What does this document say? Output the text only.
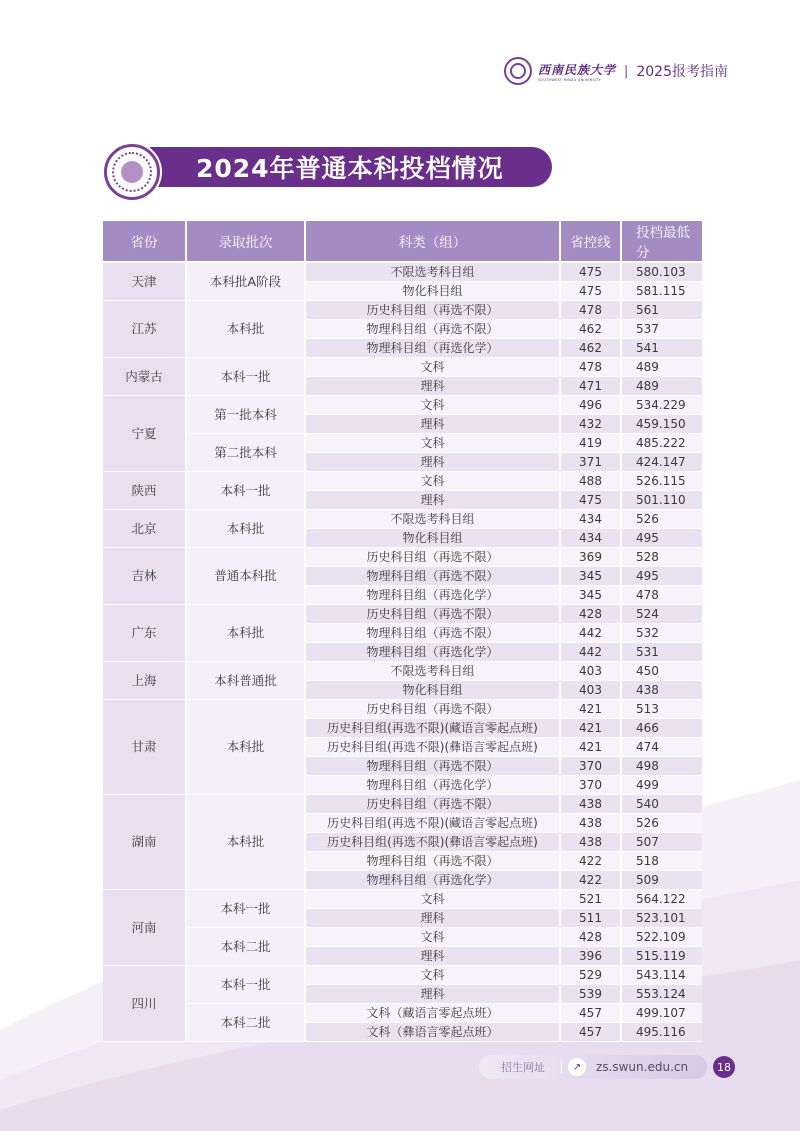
西南民族大学
SOUTHWEST MINZU UNIVERSITY
| 2025报考指南
2024年普通本科投档情况
省份	录取批次	科类（组）	省控线	投档最低分
天津	本科批A阶段	不限选考科目组	475	580.103
		物化科目组	475	581.115
江苏	本科批	历史科目组（再选不限）	478	561
		物理科目组（再选不限）	462	537
		物理科目组（再选化学）	462	541
内蒙古	本科一批	文科	478	489
		理科	471	489
宁夏	第一批本科	文科	496	534.229
		理科	432	459.150
	第二批本科	文科	419	485.222
		理科	371	424.147
陕西	本科一批	文科	488	526.115
		理科	475	501.110
北京	本科批	不限选考科目组	434	526
		物化科目组	434	495
吉林	普通本科批	历史科目组（再选不限）	369	528
		物理科目组（再选不限）	345	495
		物理科目组（再选化学）	345	478
广东	本科批	历史科目组（再选不限）	428	524
		物理科目组（再选不限）	442	532
		物理科目组（再选化学）	442	531
上海	本科普通批	不限选考科目组	403	450
		物化科目组	403	438
甘肃	本科批	历史科目组（再选不限）	421	513
		历史科目组(再选不限)(藏语言零起点班)	421	466
		历史科目组(再选不限)(彝语言零起点班)	421	474
		物理科目组（再选不限）	370	498
		物理科目组（再选化学）	370	499
湖南	本科批	历史科目组（再选不限）	438	540
		历史科目组(再选不限)(藏语言零起点班)	438	526
		历史科目组(再选不限)(彝语言零起点班)	438	507
		物理科目组（再选不限）	422	518
		物理科目组（再选化学）	422	509
河南	本科一批	文科	521	564.122
		理科	511	523.101
	本科二批	文科	428	522.109
		理科	396	515.119
四川	本科一批	文科	529	543.114
		理科	539	553.124
	本科二批	文科（藏语言零起点班）	457	499.107
		文科（彝语言零起点班）	457	495.116
招生网址	↗	zs.swun.edu.cn	18
